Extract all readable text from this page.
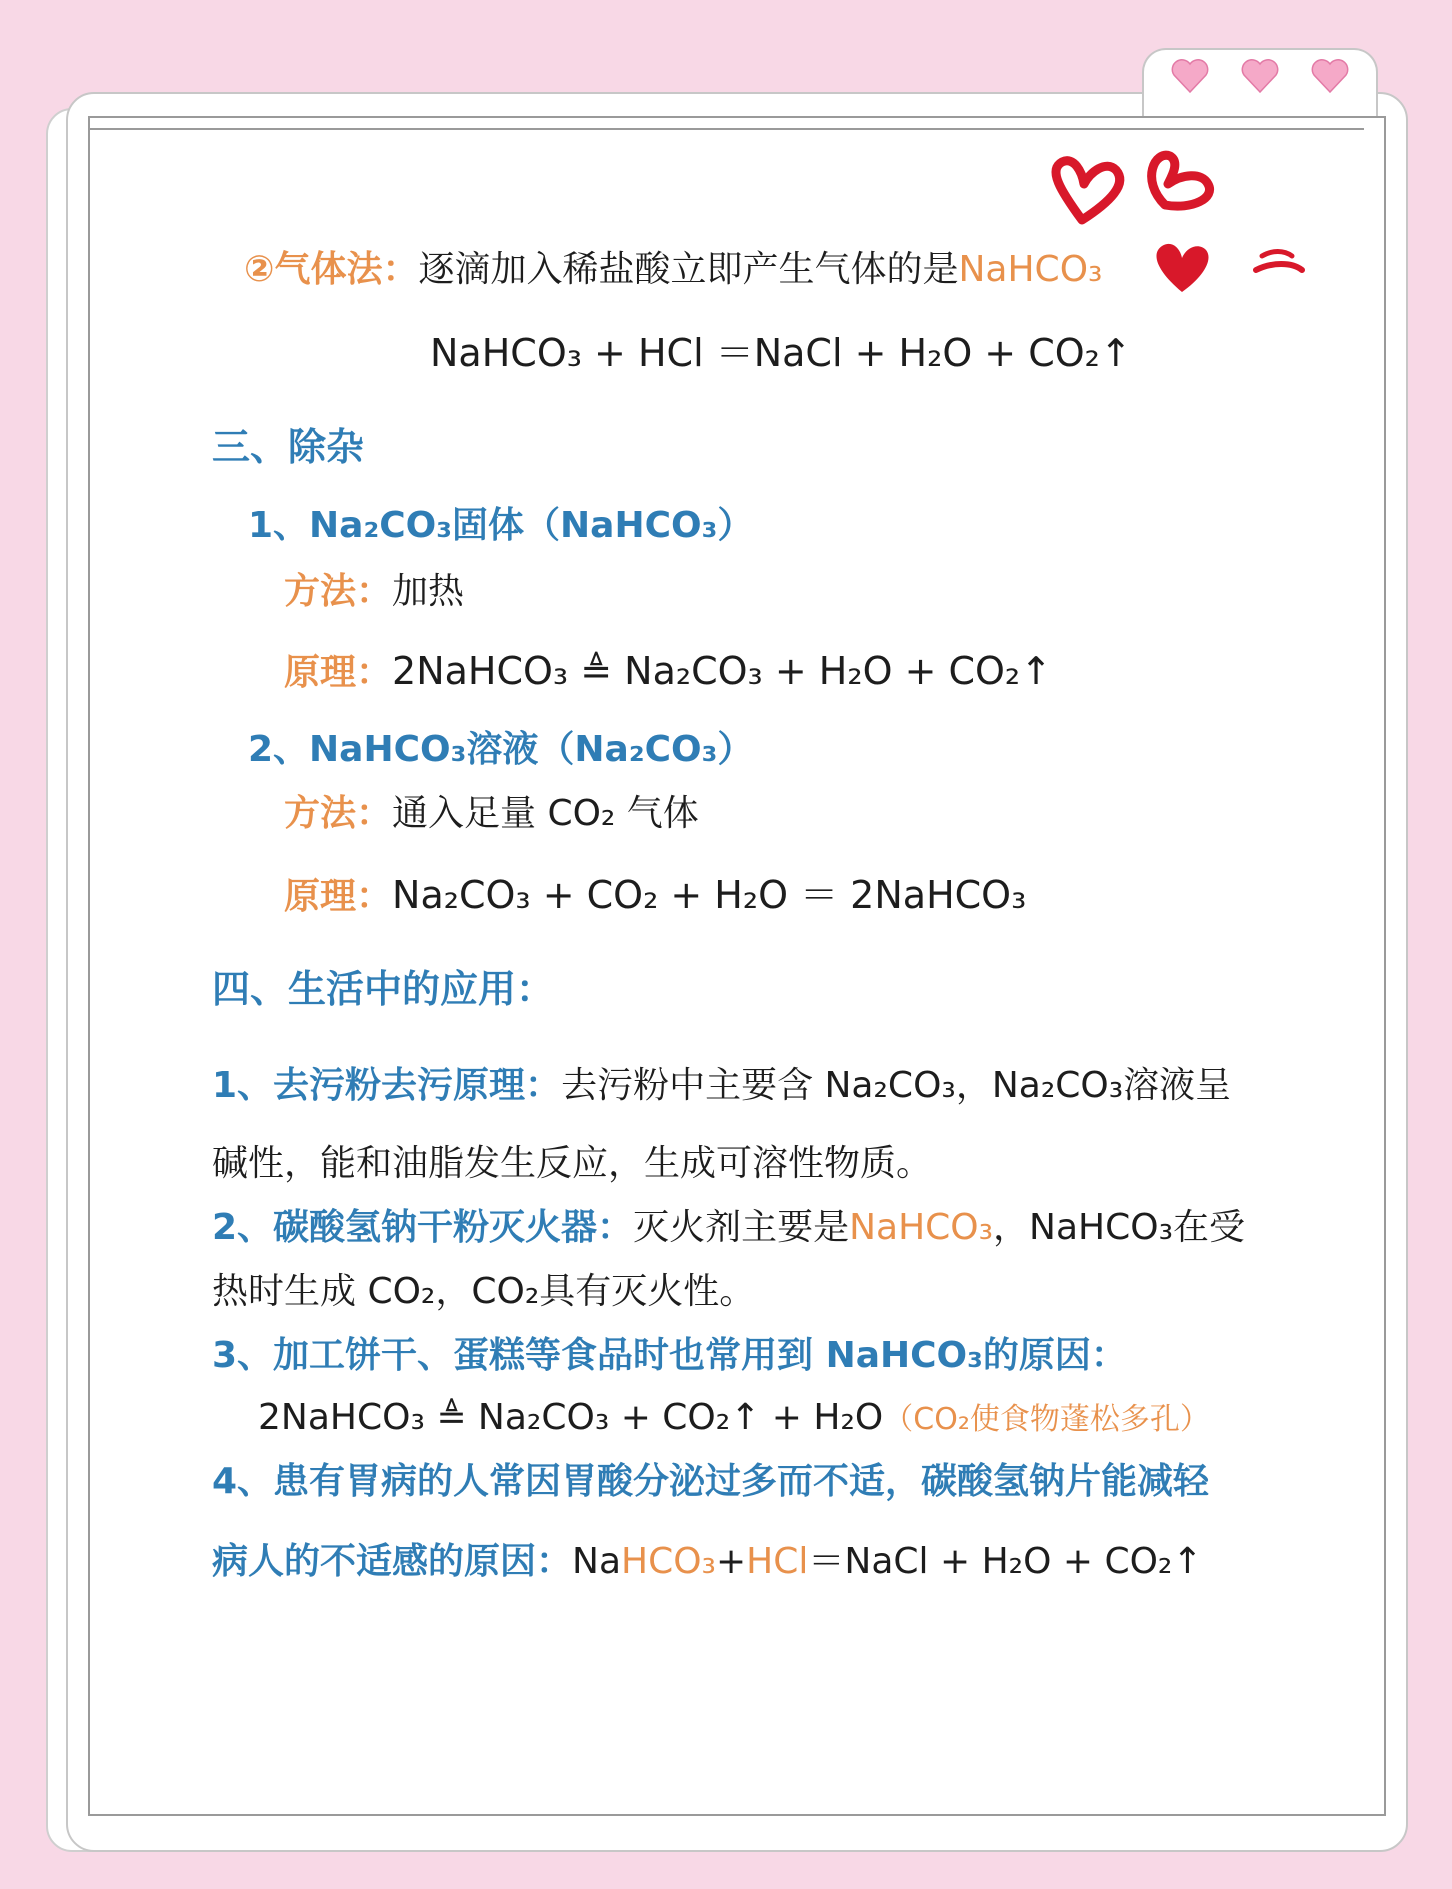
②气体法：逐滴加入稀盐酸立即产生气体的是NaHCO₃
NaHCO₃ + HCl ＝NaCl + H₂O + CO₂↑
三、除杂
1、Na₂CO₃固体（NaHCO₃）
方法：加热
原理：2NaHCO₃ ≜ Na₂CO₃ + H₂O + CO₂↑
2、NaHCO₃溶液（Na₂CO₃）
方法：通入足量 CO₂ 气体
原理：Na₂CO₃ + CO₂ + H₂O ＝ 2NaHCO₃
四、生活中的应用：
1、去污粉去污原理：去污粉中主要含 Na₂CO₃，Na₂CO₃溶液呈
碱性，能和油脂发生反应，生成可溶性物质。
2、碳酸氢钠干粉灭火器：灭火剂主要是NaHCO₃，NaHCO₃在受
热时生成 CO₂，CO₂具有灭火性。
3、加工饼干、蛋糕等食品时也常用到 NaHCO₃的原因：
2NaHCO₃ ≜ Na₂CO₃ + CO₂↑ + H₂O（CO₂使食物蓬松多孔）
4、患有胃病的人常因胃酸分泌过多而不适，碳酸氢钠片能减轻
病人的不适感的原因：NaHCO₃+HCl＝NaCl + H₂O + CO₂↑
